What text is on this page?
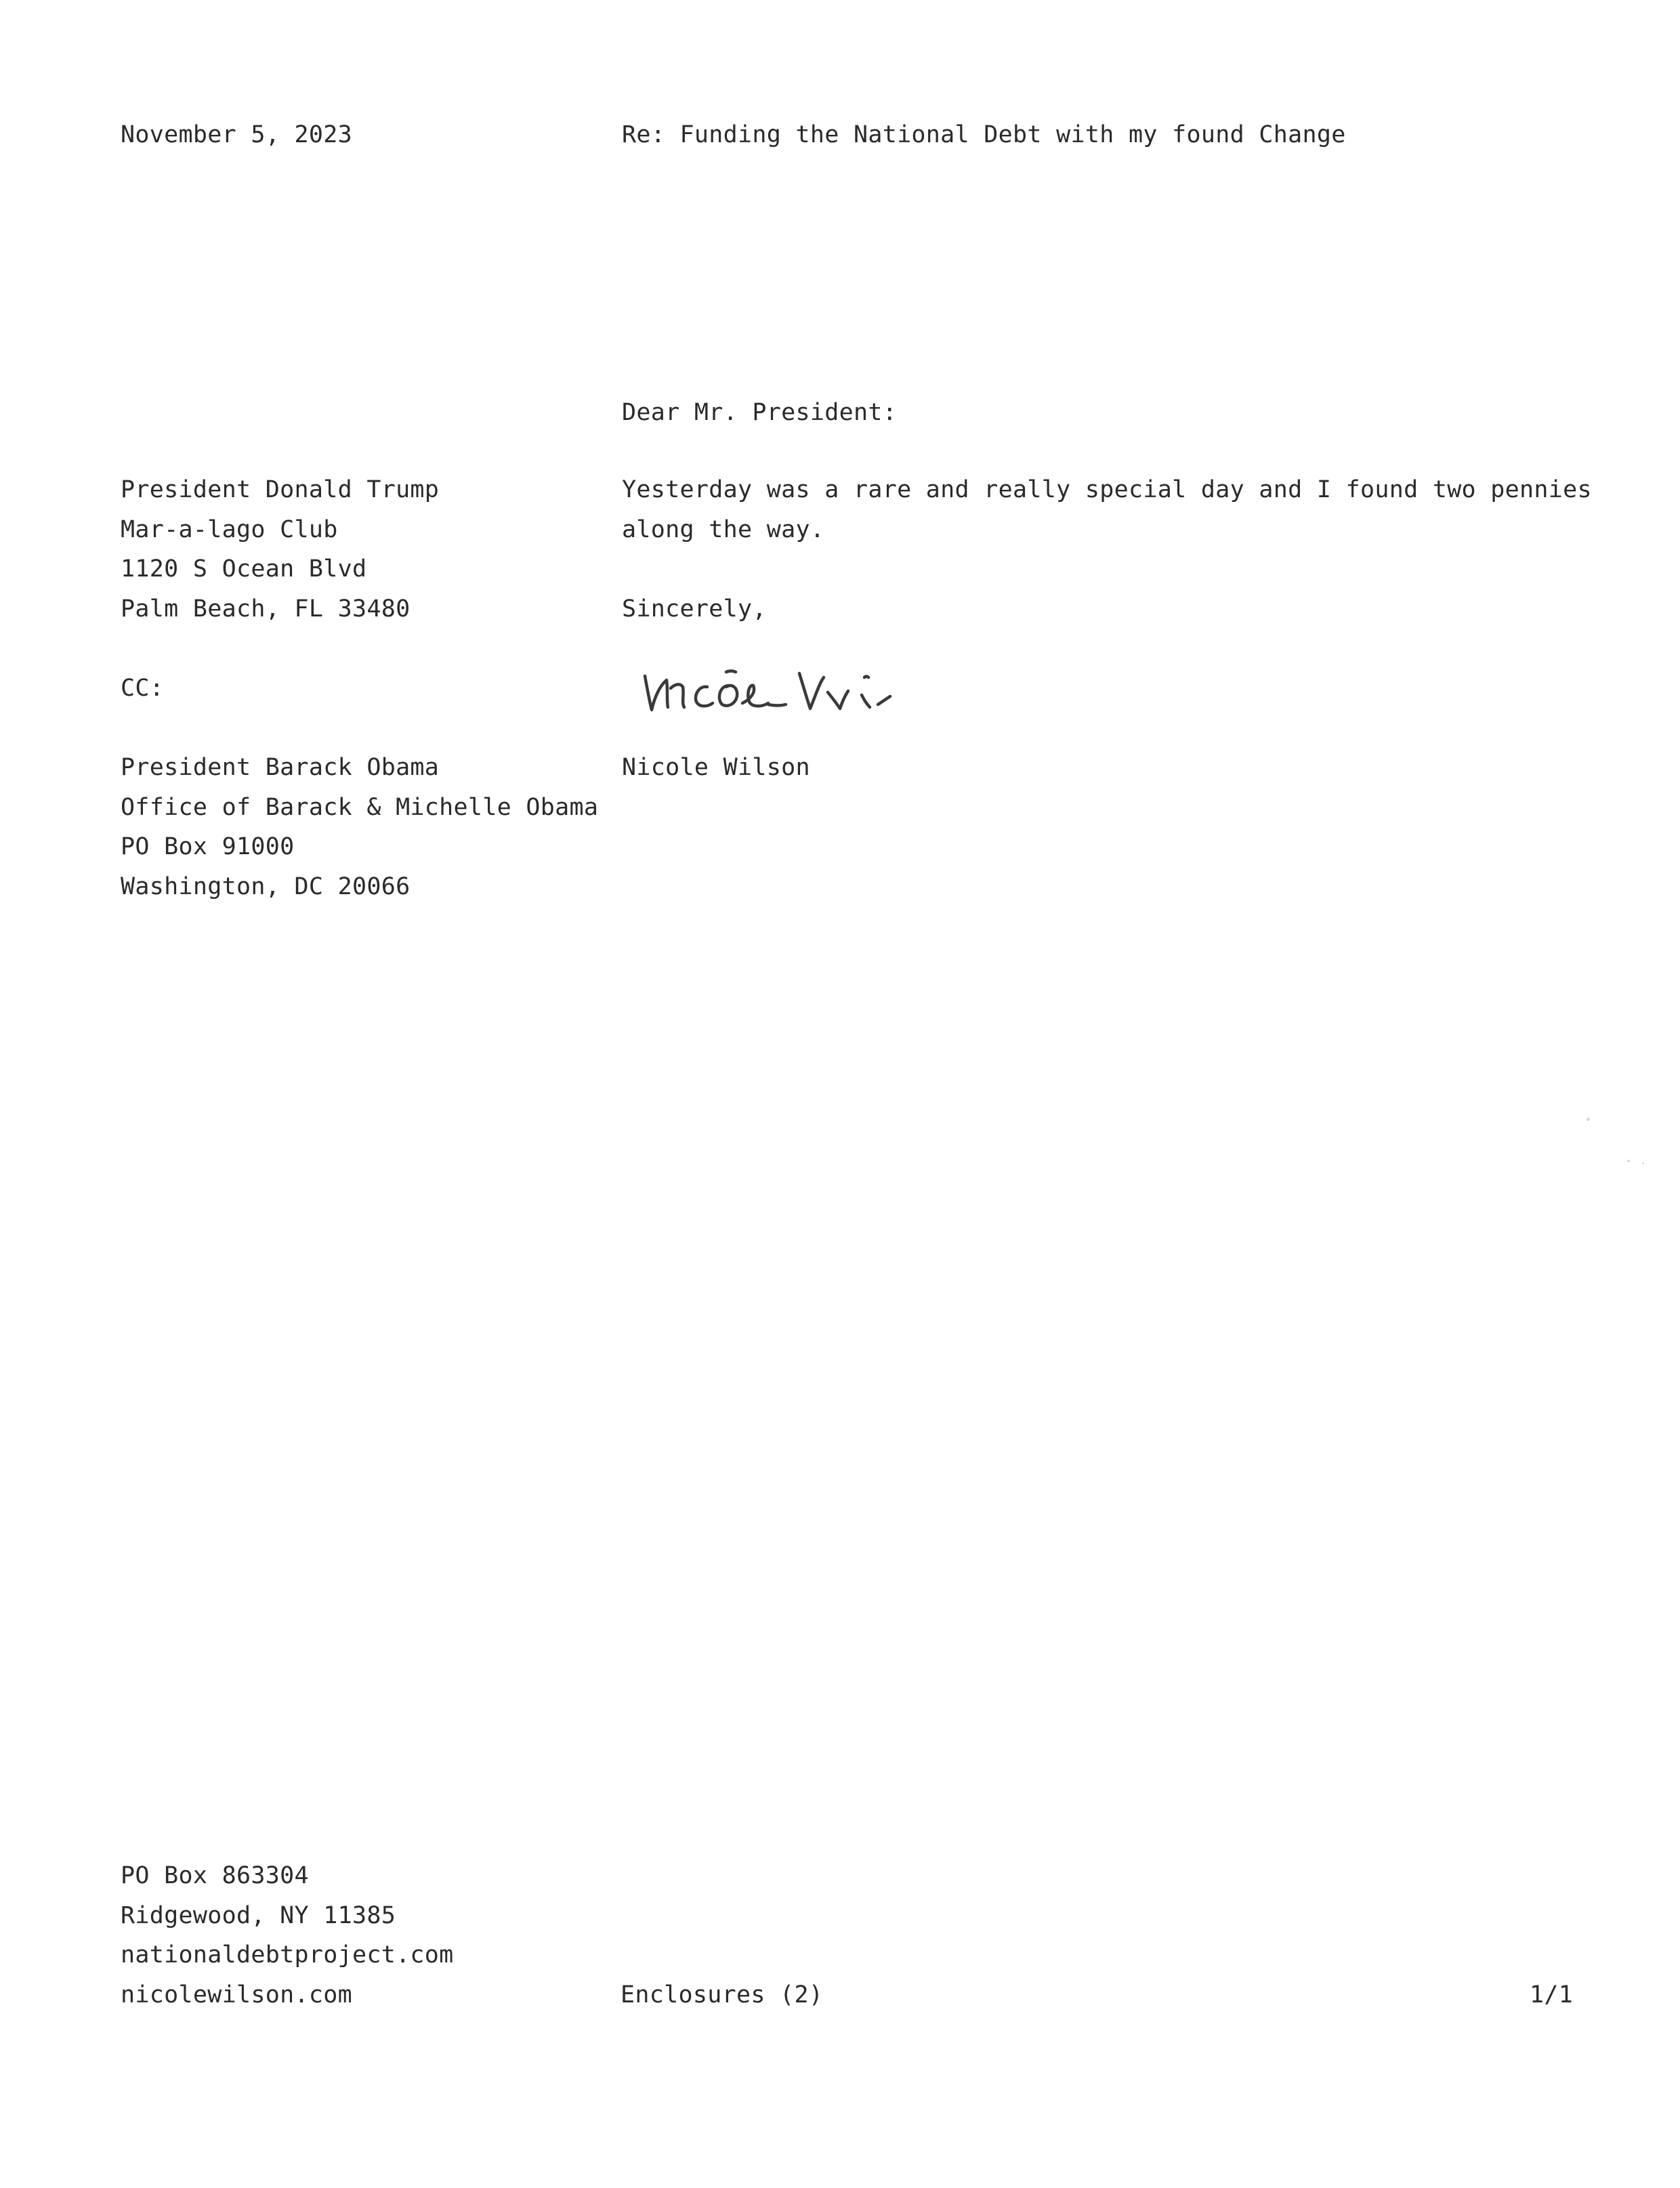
November 5, 2023	Re: Funding the National Debt with my found Change
Dear Mr. President:
President Donald Trump
Mar-a-lago Club
1120 S Ocean Blvd
Palm Beach, FL 33480
Yesterday was a rare and really special day and I found two pennies
along the way.
Sincerely,
CC:
Nicole Wilson
President Barack Obama
Office of Barack & Michelle Obama
PO Box 91000
Washington, DC 20066
PO Box 863304
Ridgewood, NY 11385
nationaldebtproject.com
nicolewilson.com	Enclosures (2)	1/1
